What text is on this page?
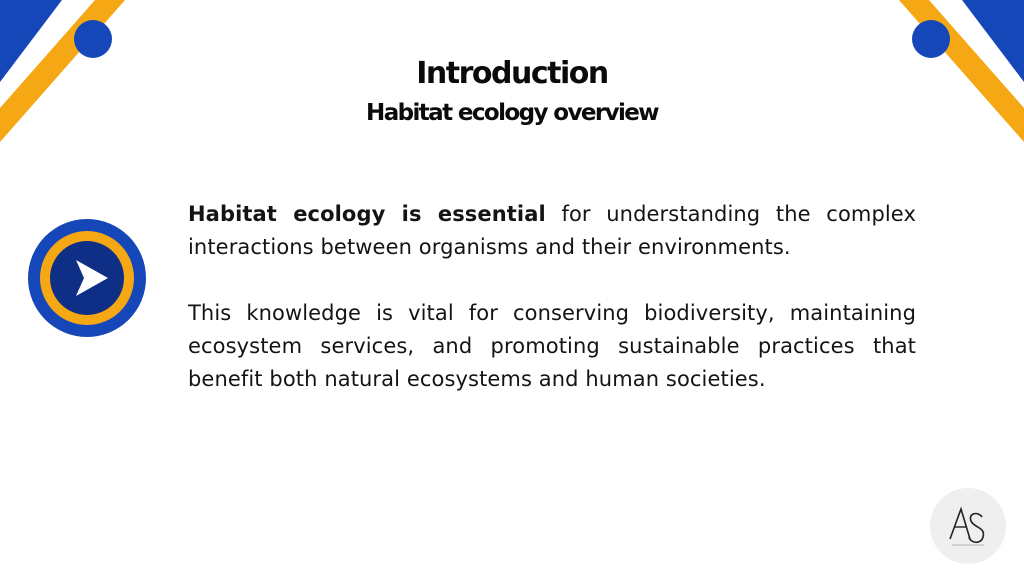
Introduction
Habitat ecology overview

Habitat ecology is essential for understanding the complex interactions between organisms and their environments.

This knowledge is vital for conserving biodiversity, maintaining ecosystem services, and promoting sustainable practices that benefit both natural ecosystems and human societies.
